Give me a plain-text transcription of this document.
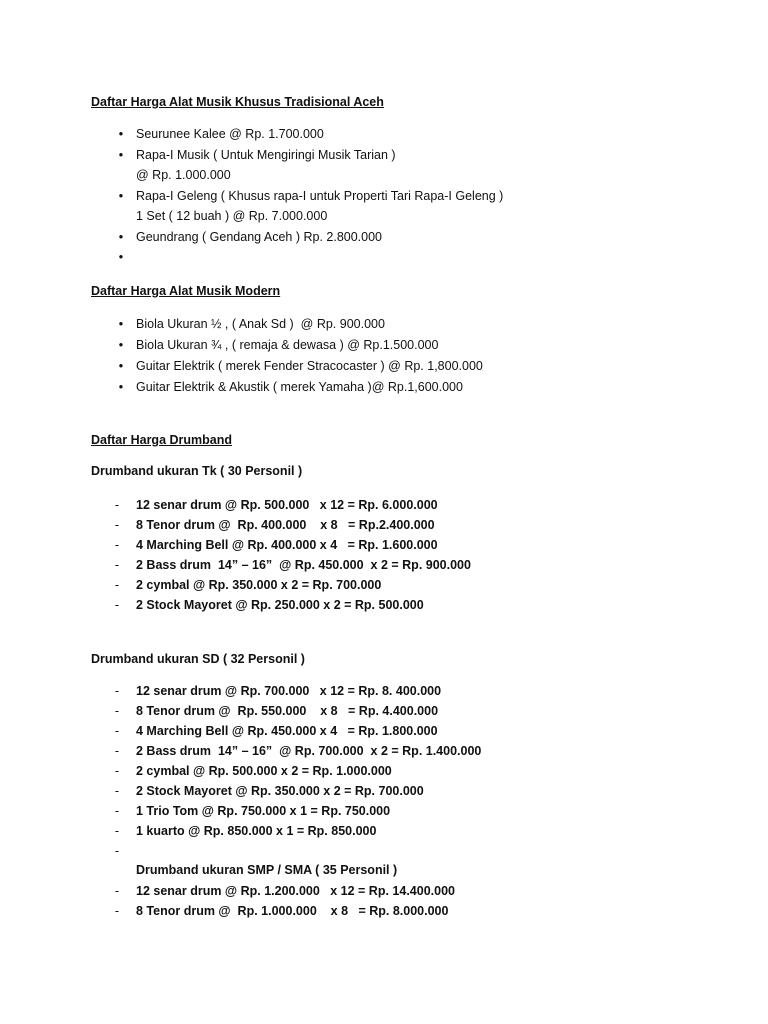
Daftar Harga Alat Musik Khusus Tradisional Aceh
•	Seurunee Kalee @ Rp. 1.700.000
•	Rapa-I Musik ( Untuk Mengiringi Musik Tarian )
@ Rp. 1.000.000
•	Rapa-I Geleng ( Khusus rapa-I untuk Properti Tari Rapa-I Geleng )
1 Set ( 12 buah ) @ Rp. 7.000.000
•	Geundrang ( Gendang Aceh ) Rp. 2.800.000
•
Daftar Harga Alat Musik Modern
•	Biola Ukuran ½ , ( Anak Sd )  @ Rp. 900.000
•	Biola Ukuran ¾ , ( remaja & dewasa ) @ Rp.1.500.000
•	Guitar Elektrik ( merek Fender Stracocaster ) @ Rp. 1,800.000
•	Guitar Elektrik & Akustik ( merek Yamaha )@ Rp.1,600.000
Daftar Harga Drumband
Drumband ukuran Tk ( 30 Personil )
- 12 senar drum @ Rp. 500.000   x 12 = Rp. 6.000.000
- 8 Tenor drum @  Rp. 400.000    x 8   = Rp.2.400.000
- 4 Marching Bell @ Rp. 400.000 x 4   = Rp. 1.600.000
- 2 Bass drum  14” – 16”  @ Rp. 450.000  x 2 = Rp. 900.000
- 2 cymbal @ Rp. 350.000 x 2 = Rp. 700.000
- 2 Stock Mayoret @ Rp. 250.000 x 2 = Rp. 500.000
Drumband ukuran SD ( 32 Personil )
- 12 senar drum @ Rp. 700.000   x 12 = Rp. 8. 400.000
- 8 Tenor drum @  Rp. 550.000    x 8   = Rp. 4.400.000
- 4 Marching Bell @ Rp. 450.000 x 4   = Rp. 1.800.000
- 2 Bass drum  14” – 16”  @ Rp. 700.000  x 2 = Rp. 1.400.000
- 2 cymbal @ Rp. 500.000 x 2 = Rp. 1.000.000
- 2 Stock Mayoret @ Rp. 350.000 x 2 = Rp. 700.000
- 1 Trio Tom @ Rp. 750.000 x 1 = Rp. 750.000
- 1 kuarto @ Rp. 850.000 x 1 = Rp. 850.000
-
Drumband ukuran SMP / SMA ( 35 Personil )
- 12 senar drum @ Rp. 1.200.000   x 12 = Rp. 14.400.000
- 8 Tenor drum @  Rp. 1.000.000    x 8   = Rp. 8.000.000
